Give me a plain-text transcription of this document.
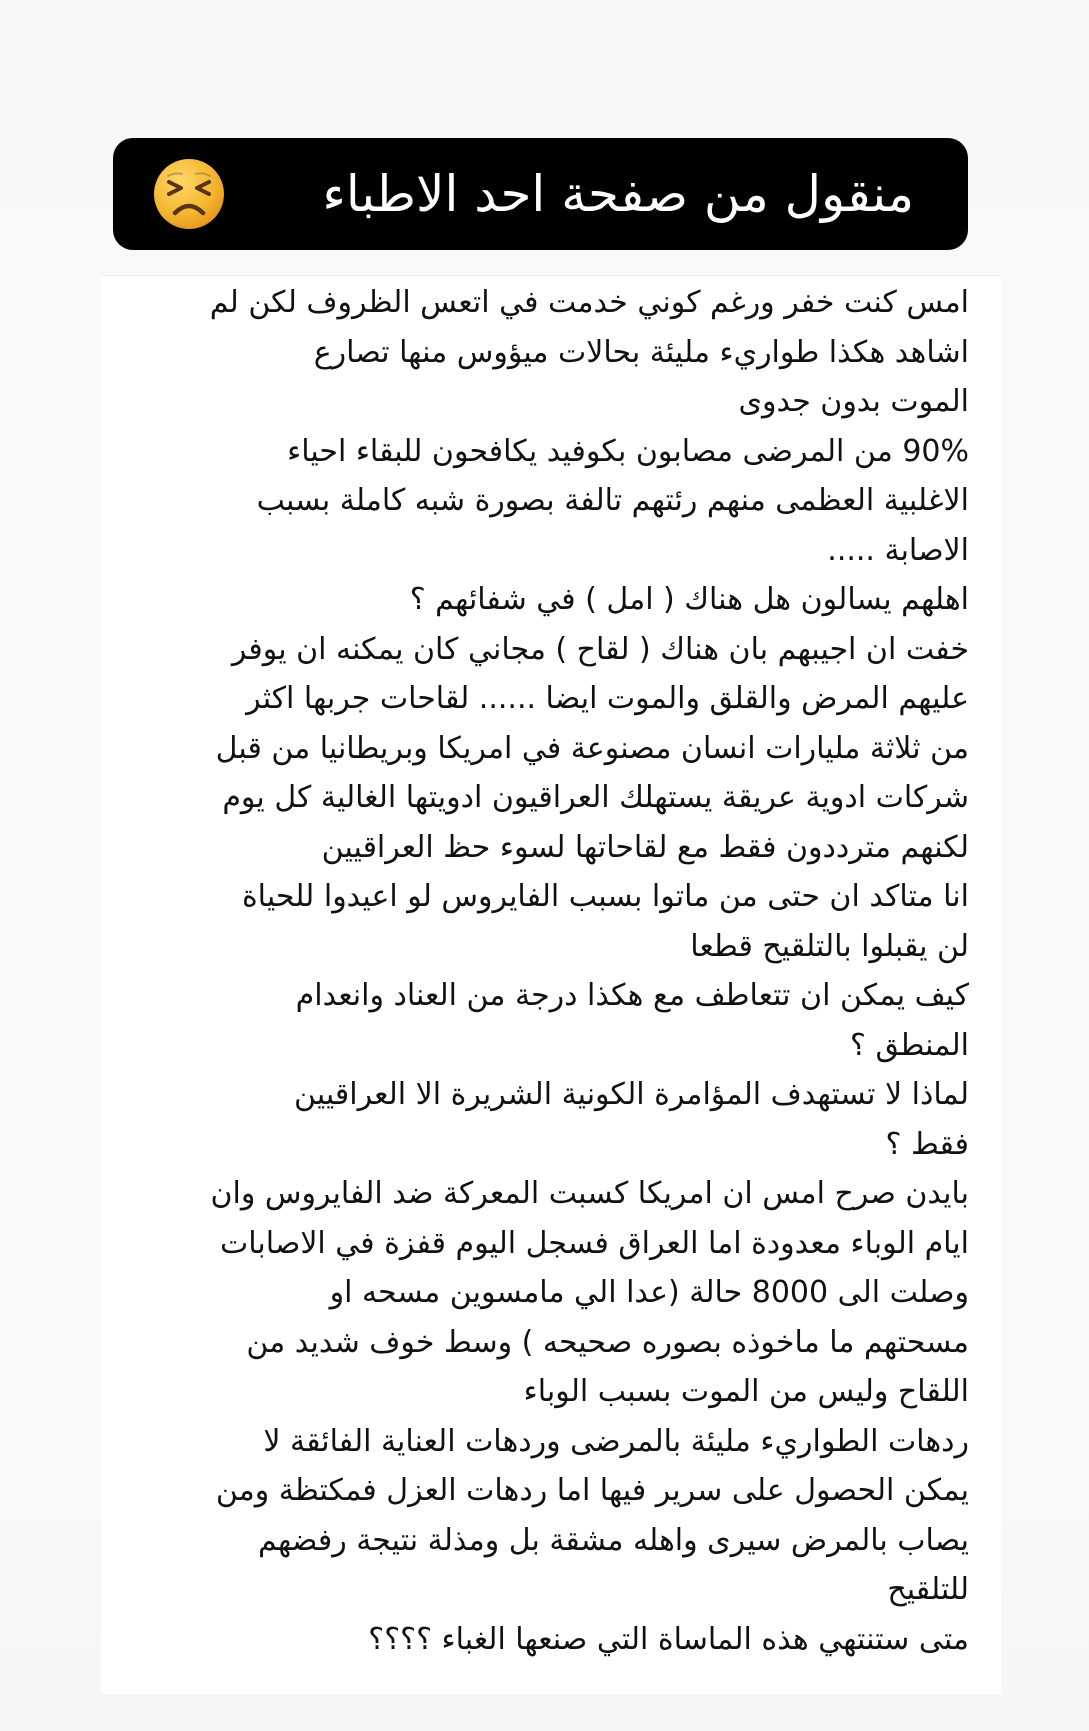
منقول من صفحة احد الاطباء
امس كنت خفر ورغم كوني خدمت في اتعس الظروف لكن لم
اشاهد هكذا طواريء مليئة بحالات ميؤوس منها تصارع
الموت بدون جدوى
90% من المرضى مصابون بكوفيد يكافحون للبقاء احياء
الاغلبية العظمى منهم رئتهم تالفة بصورة شبه كاملة بسبب
الاصابة .....
اهلهم يسالون هل هناك ( امل ) في شفائهم ؟
خفت ان اجيبهم بان هناك ( لقاح ) مجاني كان يمكنه ان يوفر
عليهم المرض والقلق والموت ايضا ...... لقاحات جربها اكثر
من ثلاثة مليارات انسان مصنوعة في امريكا وبريطانيا من قبل
شركات ادوية عريقة يستهلك العراقيون ادويتها الغالية كل يوم
لكنهم مترددون فقط مع لقاحاتها لسوء حظ العراقيين
انا متاكد ان حتى من ماتوا بسبب الفايروس لو اعيدوا للحياة
لن يقبلوا بالتلقيح قطعا
كيف يمكن ان تتعاطف مع هكذا درجة من العناد وانعدام
المنطق ؟
لماذا لا تستهدف المؤامرة الكونية الشريرة الا العراقيين
فقط ؟
بايدن صرح امس ان امريكا كسبت المعركة ضد الفايروس وان
ايام الوباء معدودة اما العراق فسجل اليوم قفزة في الاصابات
وصلت الى 8000 حالة (عدا الي مامسوين مسحه او
مسحتهم ما ماخوذه بصوره صحيحه ) وسط خوف شديد من
اللقاح وليس من الموت بسبب الوباء
ردهات الطواريء مليئة بالمرضى وردهات العناية الفائقة لا
يمكن الحصول على سرير فيها اما ردهات العزل فمكتظة ومن
يصاب بالمرض سيرى واهله مشقة بل ومذلة نتيجة رفضهم
للتلقيح
متى ستنتهي هذه الماساة التي صنعها الغباء ؟؟؟؟
